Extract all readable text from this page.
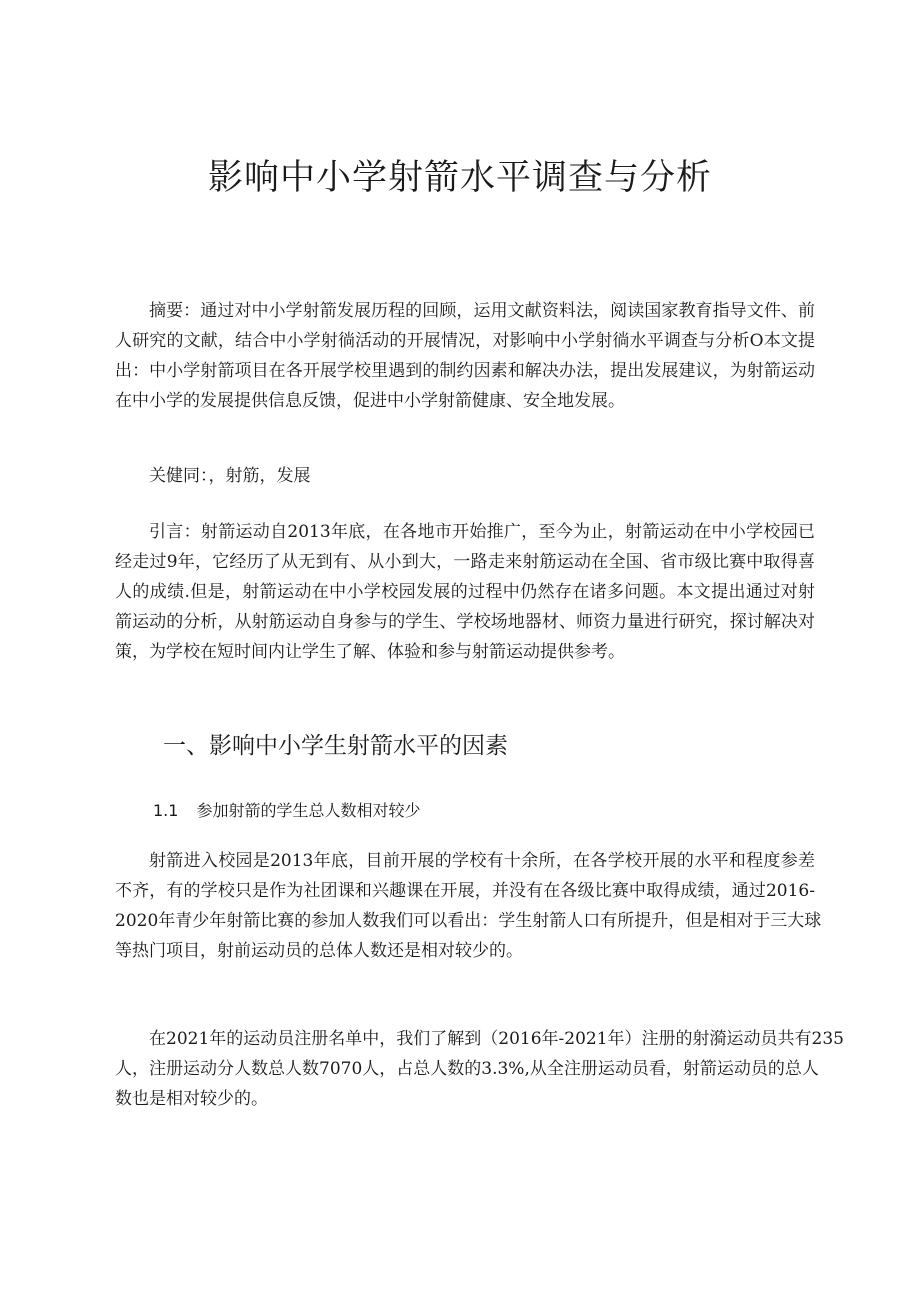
影响中小学射箭水平调查与分析
摘要：通过对中小学射箭发展历程的回顾，运用文献资料法，阅读国家教育指导文件、前
人研究的文献，结合中小学射徜活动的开展情况，对影响中小学射徜水平调查与分析O本文提
出：中小学射箭项目在各开展学校里遇到的制约因素和解决办法，提出发展建议，为射箭运动
在中小学的发展提供信息反馈，促进中小学射箭健康、安全地发展。
关健同：，射筋，发展
引言：射箭运动自2013年底，在各地市开始推广，至今为止，射箭运动在中小学校园已
经走过9年，它经历了从无到有、从小到大，一路走来射筋运动在全国、省市级比赛中取得喜
人的成绩.但是，射箭运动在中小学校园发展的过程中仍然存在诸多问题。本文提出通过对射
箭运动的分析，从射筋运动自身参与的学生、学校场地器材、师资力量进行研究，探讨解决对
策，为学校在短时间内让学生了解、体验和参与射箭运动提供参考。
一、影响中小学生射箭水平的因素
1.1 参加射箭的学生总人数相对较少
射箭进入校园是2013年底，目前开展的学校有十余所，在各学校开展的水平和程度参差
不齐，有的学校只是作为社团课和兴趣课在开展，并没有在各级比赛中取得成绩，通过2016-
2020年青少年射箭比赛的参加人数我们可以看出：学生射箭人口有所提升，但是相对于三大球
等热门项目，射前运动员的总体人数还是相对较少的。
在2021年的运动员注册名单中，我们了解到（2016年-2021年）注册的射漪运动员共有235
人，注册运动分人数总人数7070人，占总人数的3.3%,从全注册运动员看，射箭运动员的总人
数也是相对较少的。
